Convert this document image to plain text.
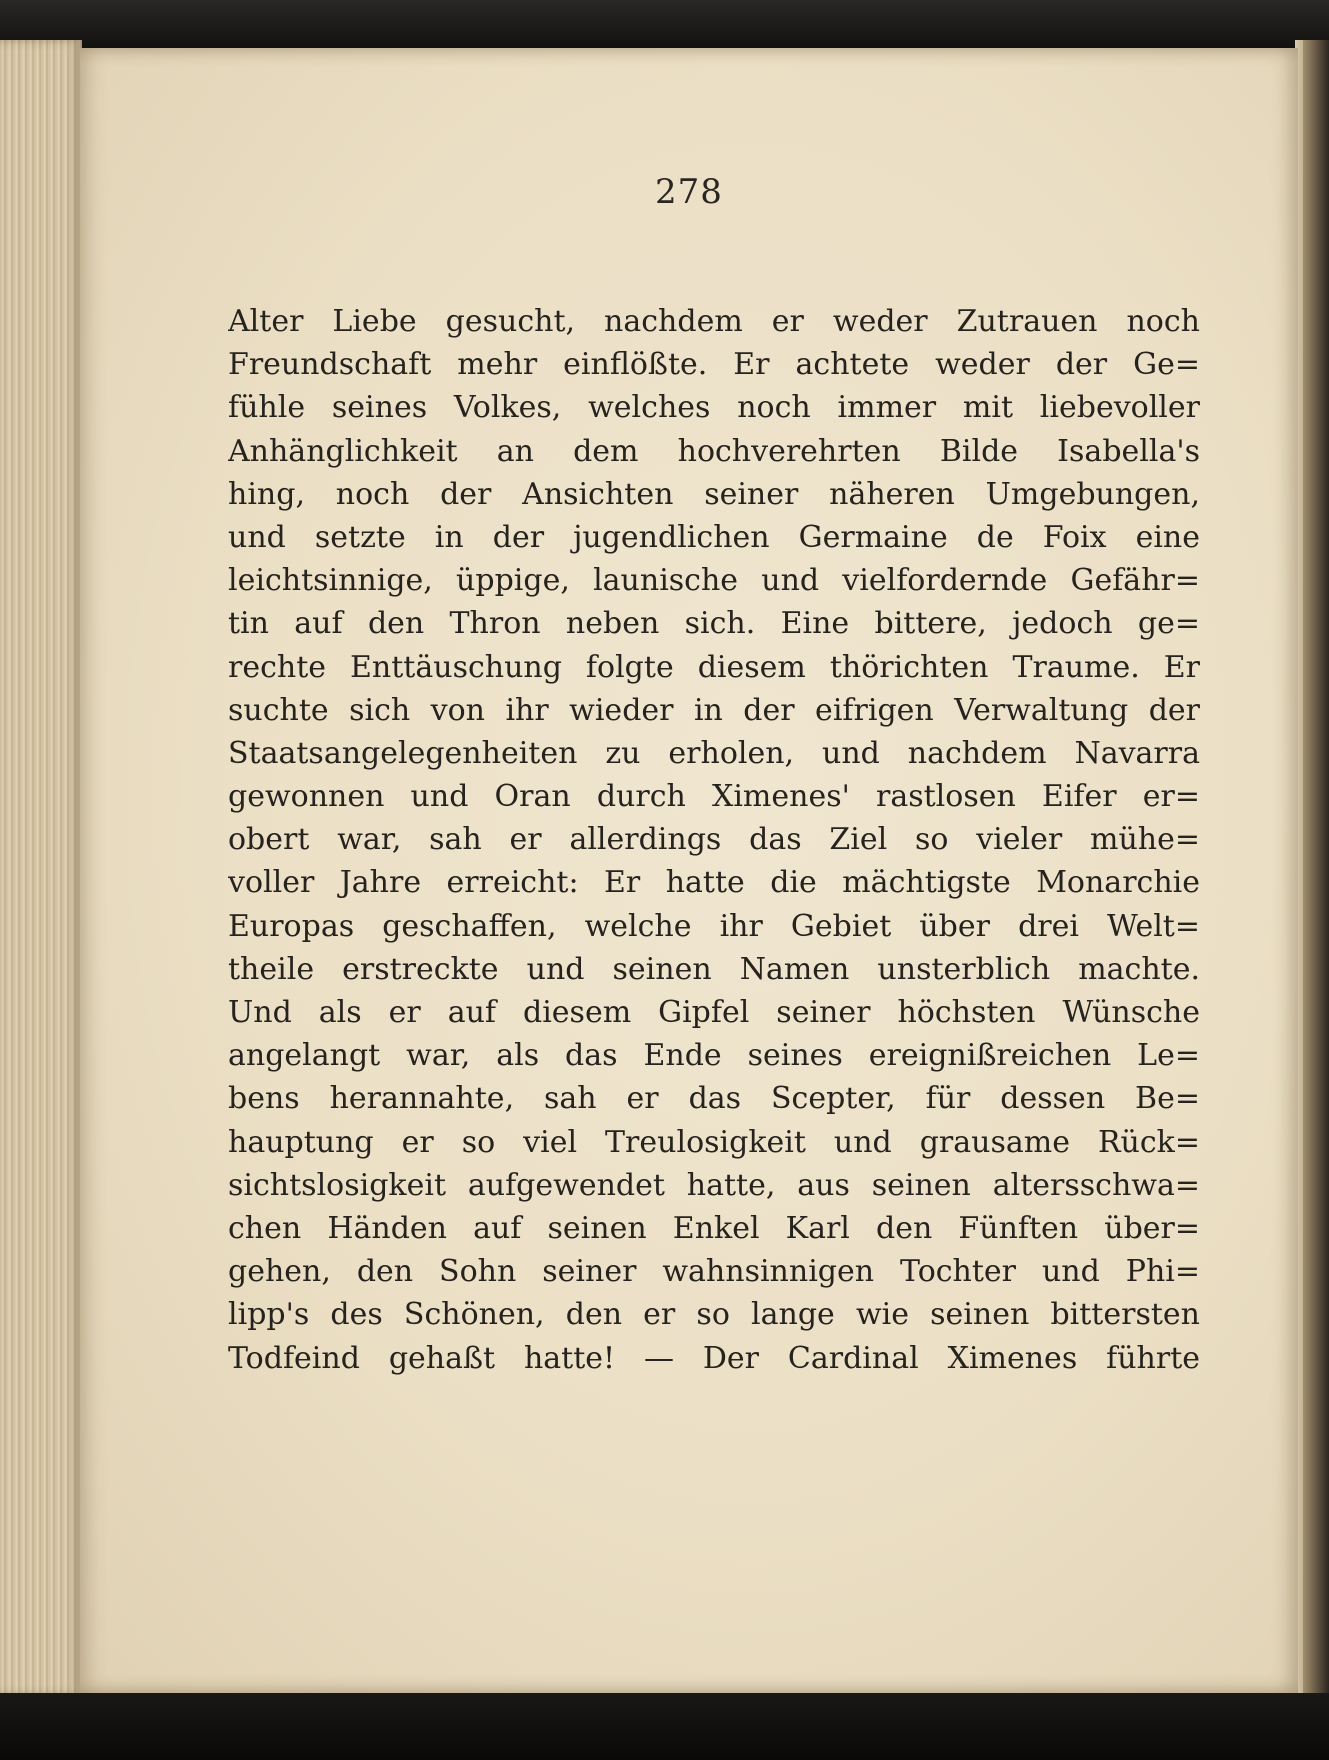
278
Alter Liebe gesucht, nachdem er weder Zutrauen noch
Freundschaft mehr einflößte. Er achtete weder der Ge=
fühle seines Volkes, welches noch immer mit liebevoller
Anhänglichkeit an dem hochverehrten Bilde Isabella's
hing, noch der Ansichten seiner näheren Umgebungen,
und setzte in der jugendlichen Germaine de Foix eine
leichtsinnige, üppige, launische und vielfordernde Gefähr=
tin auf den Thron neben sich. Eine bittere, jedoch ge=
rechte Enttäuschung folgte diesem thörichten Traume. Er
suchte sich von ihr wieder in der eifrigen Verwaltung der
Staatsangelegenheiten zu erholen, und nachdem Navarra
gewonnen und Oran durch Ximenes' rastlosen Eifer er=
obert war, sah er allerdings das Ziel so vieler mühe=
voller Jahre erreicht: Er hatte die mächtigste Monarchie
Europas geschaffen, welche ihr Gebiet über drei Welt=
theile erstreckte und seinen Namen unsterblich machte.
Und als er auf diesem Gipfel seiner höchsten Wünsche
angelangt war, als das Ende seines ereignißreichen Le=
bens herannahte, sah er das Scepter, für dessen Be=
hauptung er so viel Treulosigkeit und grausame Rück=
sichtslosigkeit aufgewendet hatte, aus seinen altersschwa=
chen Händen auf seinen Enkel Karl den Fünften über=
gehen, den Sohn seiner wahnsinnigen Tochter und Phi=
lipp's des Schönen, den er so lange wie seinen bittersten
Todfeind gehaßt hatte! — Der Cardinal Ximenes führte
